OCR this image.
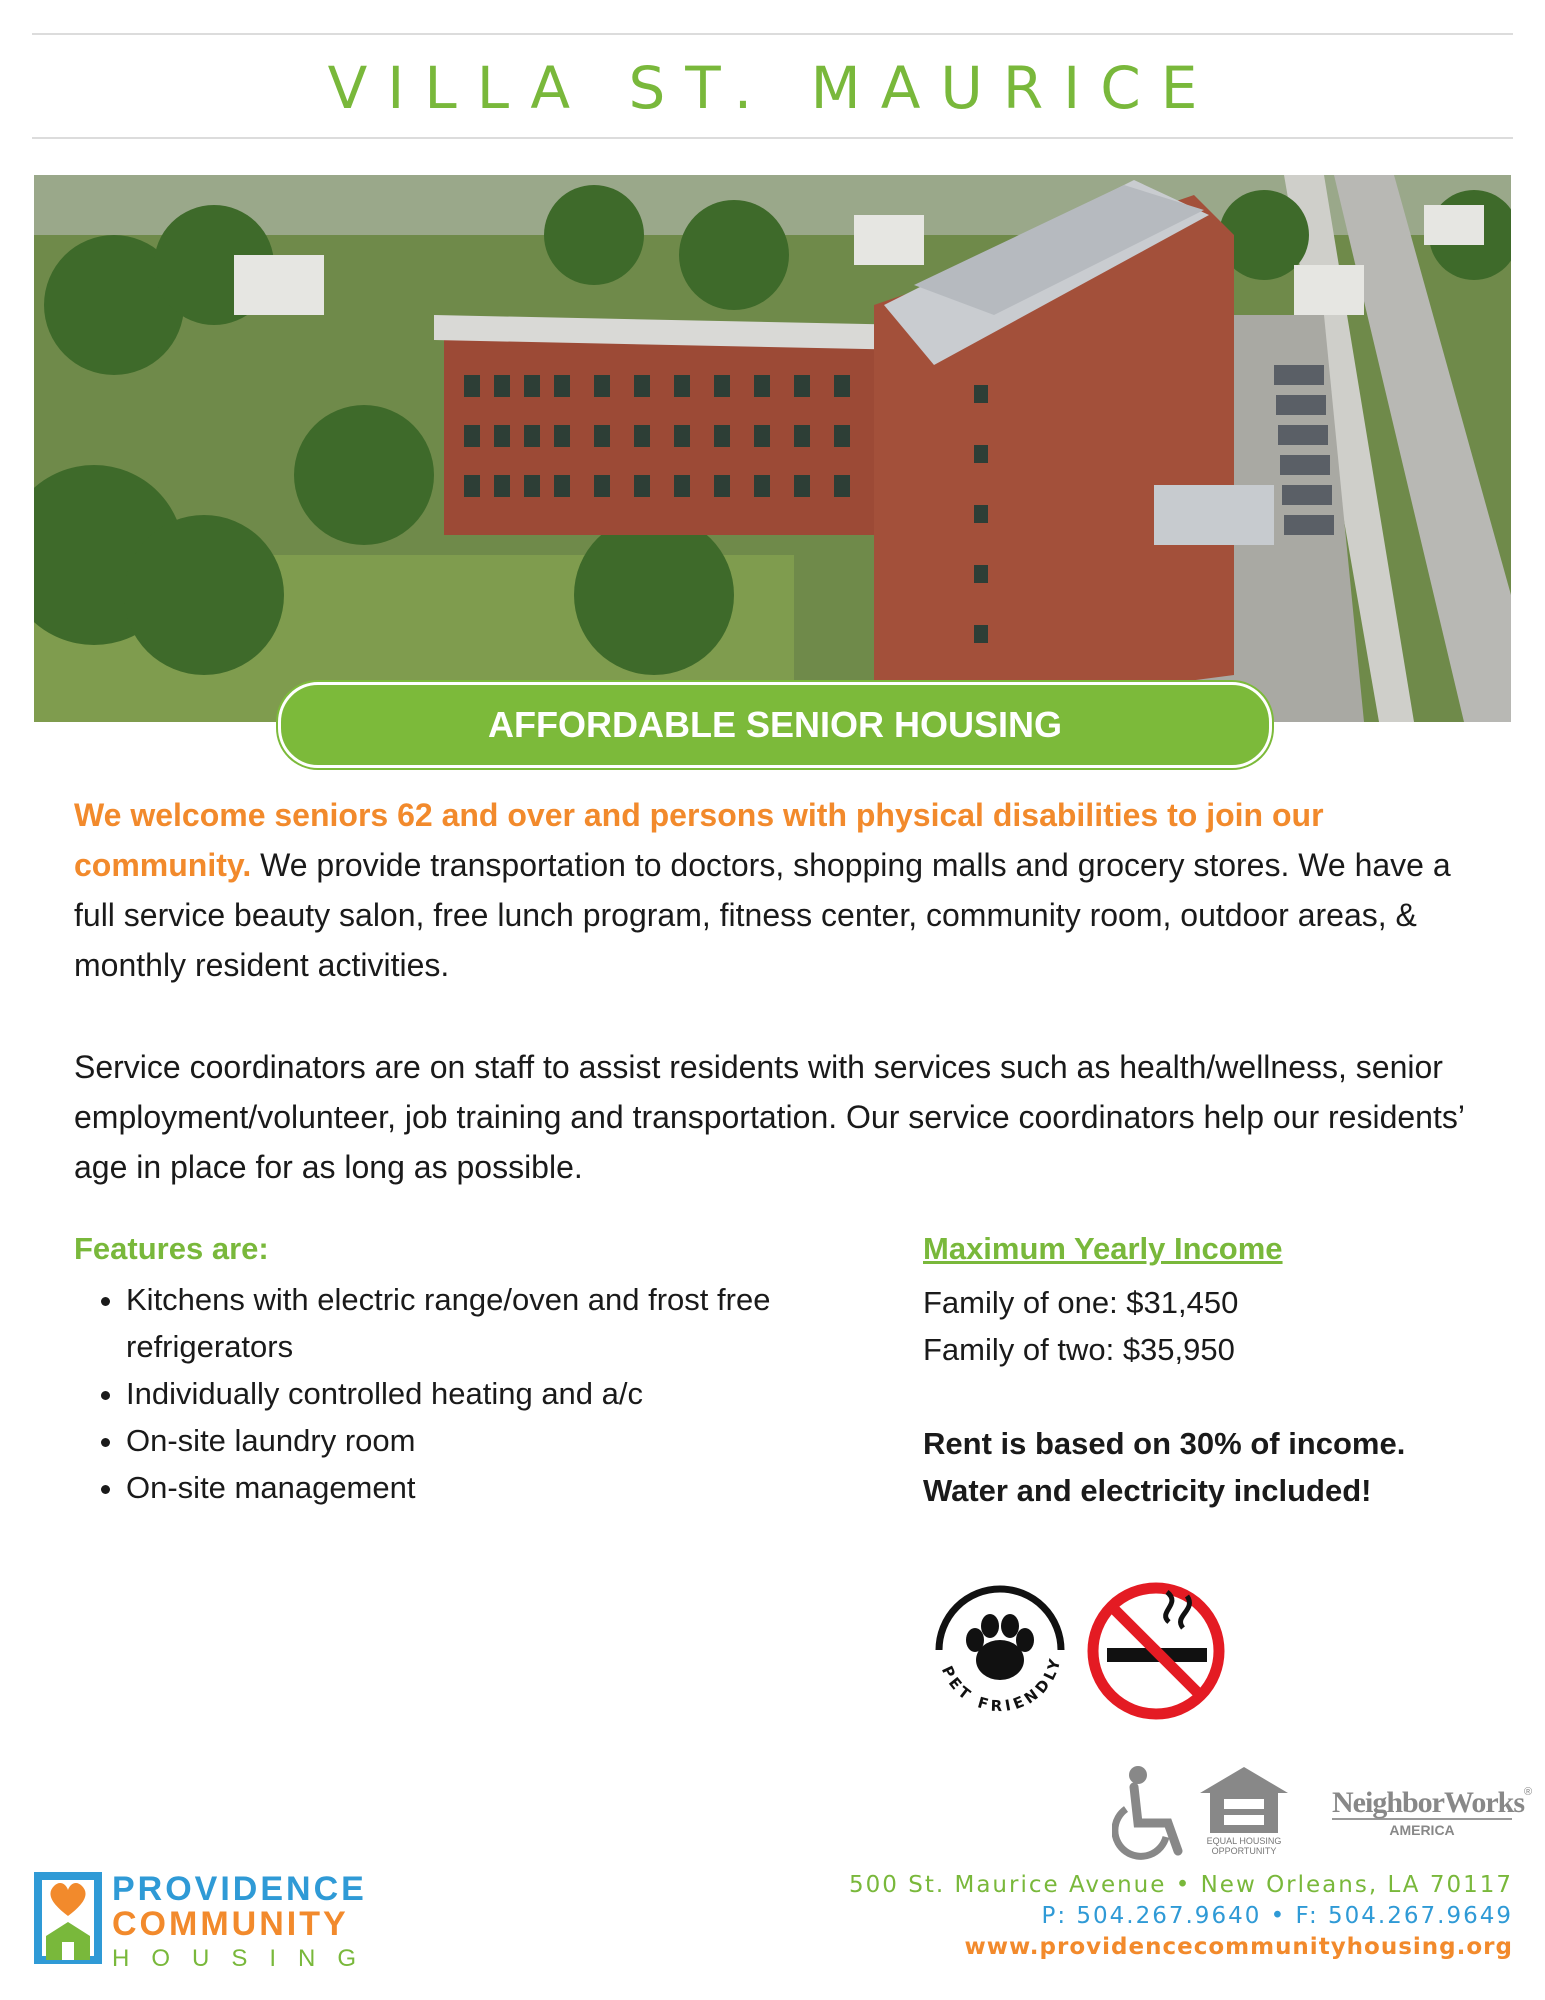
VILLA ST. MAURICE
AFFORDABLE SENIOR HOUSING
We welcome seniors 62 and over and persons with physical disabilities to join our community. We provide transportation to doctors, shopping malls and grocery stores. We have a full service beauty salon, free lunch program, fitness center, community room, outdoor areas, & monthly resident activities.
Service coordinators are on staff to assist residents with services such as health/wellness, senior employment/volunteer, job training and transportation. Our service coordinators help our residents’ age in place for as long as possible.
Features are:
• Kitchens with electric range/oven and frost free refrigerators
• Individually controlled heating and a/c
• On-site laundry room
• On-site management
Maximum Yearly Income
Family of one: $31,450
Family of two: $35,950
Rent is based on 30% of income.
Water and electricity included!
PET FRIENDLY
EQUAL HOUSING OPPORTUNITY
NeighborWorks®
AMERICA
PROVIDENCE
COMMUNITY
HOUSING
500 St. Maurice Avenue • New Orleans, LA 70117
P: 504.267.9640 • F: 504.267.9649
www.providencecommunityhousing.org
